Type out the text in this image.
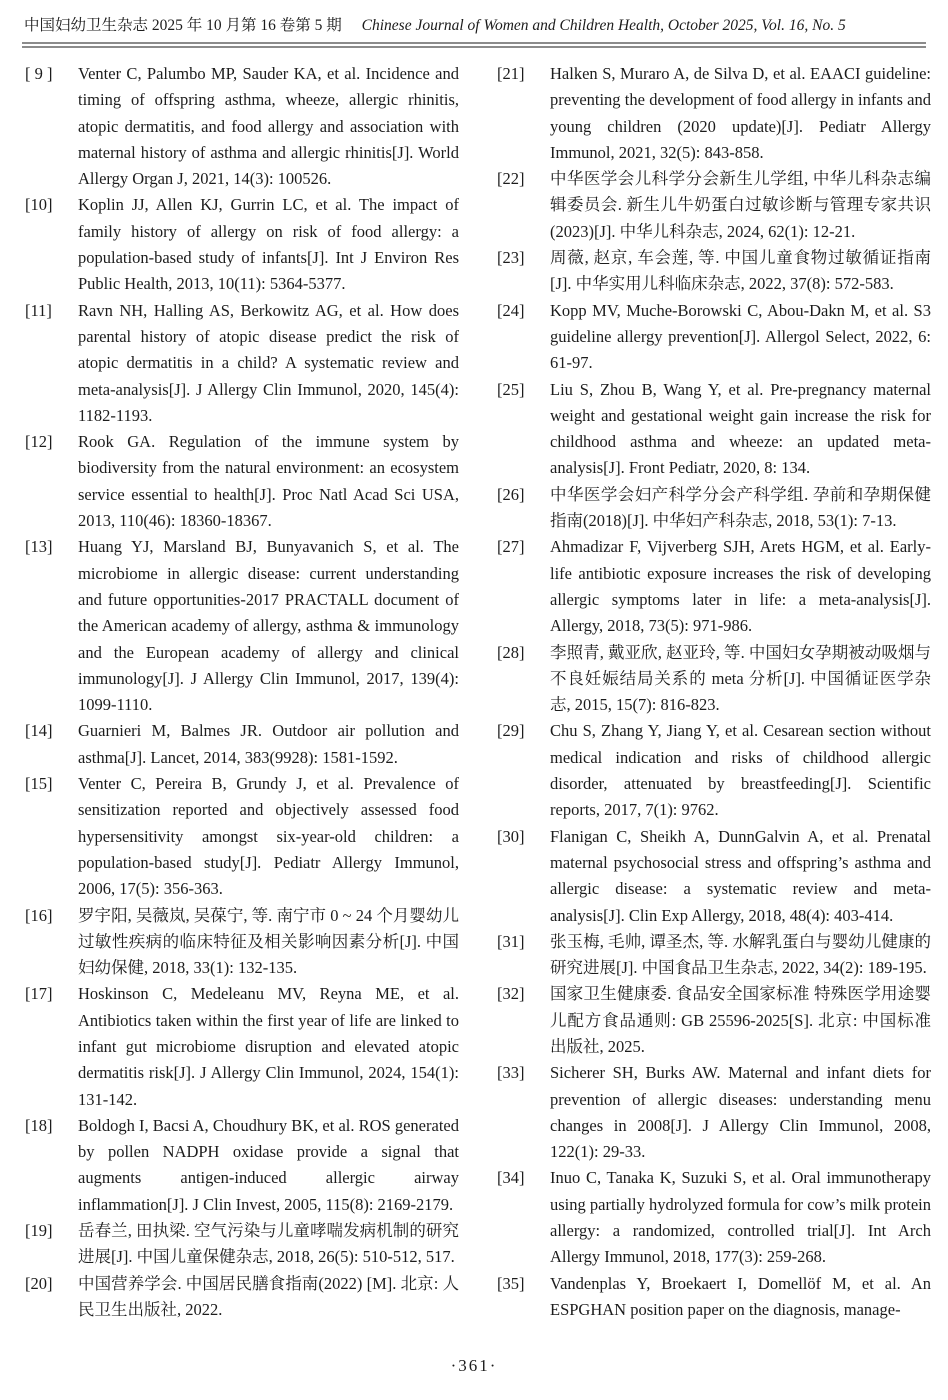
中国妇幼卫生杂志 2025 年 10 月第 16 卷第 5 期 Chinese Journal of Women and Children Health, October 2025, Vol. 16, No. 5
[ 9 ]	Venter C, Palumbo MP, Sauder KA, et al. Incidence and timing of offspring asthma, wheeze, allergic rhinitis, atopic dermatitis, and food allergy and association with maternal history of asthma and allergic rhinitis[J]. World Allergy Organ J, 2021, 14(3): 100526.
[10]	Koplin JJ, Allen KJ, Gurrin LC, et al. The impact of family history of allergy on risk of food allergy: a population-based study of infants[J]. Int J Environ Res Public Health, 2013, 10(11): 5364-5377.
[11]	Ravn NH, Halling AS, Berkowitz AG, et al. How does parental history of atopic disease predict the risk of atopic dermatitis in a child? A systematic review and meta-analysis[J]. J Allergy Clin Immunol, 2020, 145(4): 1182-1193.
[12]	Rook GA. Regulation of the immune system by biodiversity from the natural environment: an ecosystem service essential to health[J]. Proc Natl Acad Sci USA, 2013, 110(46): 18360-18367.
[13]	Huang YJ, Marsland BJ, Bunyavanich S, et al. The microbiome in allergic disease: current understanding and future opportunities-2017 PRACTALL document of the American academy of allergy, asthma & immunology and the European academy of allergy and clinical immunology[J]. J Allergy Clin Immunol, 2017, 139(4): 1099-1110.
[14]	Guarnieri M, Balmes JR. Outdoor air pollution and asthma[J]. Lancet, 2014, 383(9928): 1581-1592.
[15]	Venter C, Pereira B, Grundy J, et al. Prevalence of sensitization reported and objectively assessed food hypersensitivity amongst six-year-old children: a population-based study[J]. Pediatr Allergy Immunol, 2006, 17(5): 356-363.
[16]	罗宇阳, 吴薇岚, 吴葆宁, 等. 南宁市 0 ~ 24 个月婴幼儿过敏性疾病的临床特征及相关影响因素分析[J]. 中国妇幼保健, 2018, 33(1): 132-135.
[17]	Hoskinson C, Medeleanu MV, Reyna ME, et al. Antibiotics taken within the first year of life are linked to infant gut microbiome disruption and elevated atopic dermatitis risk[J]. J Allergy Clin Immunol, 2024, 154(1): 131-142.
[18]	Boldogh I, Bacsi A, Choudhury BK, et al. ROS generated by pollen NADPH oxidase provide a signal that augments antigen-induced allergic airway inflammation[J]. J Clin Invest, 2005, 115(8): 2169-2179.
[19]	岳春兰, 田执梁. 空气污染与儿童哮喘发病机制的研究进展[J]. 中国儿童保健杂志, 2018, 26(5): 510-512, 517.
[20]	中国营养学会. 中国居民膳食指南(2022) [M]. 北京: 人民卫生出版社, 2022.
[21]	Halken S, Muraro A, de Silva D, et al. EAACI guideline: preventing the development of food allergy in infants and young children (2020 update)[J]. Pediatr Allergy Immunol, 2021, 32(5): 843-858.
[22]	中华医学会儿科学分会新生儿学组, 中华儿科杂志编辑委员会. 新生儿牛奶蛋白过敏诊断与管理专家共识(2023)[J]. 中华儿科杂志, 2024, 62(1): 12-21.
[23]	周薇, 赵京, 车会莲, 等. 中国儿童食物过敏循证指南[J]. 中华实用儿科临床杂志, 2022, 37(8): 572-583.
[24]	Kopp MV, Muche-Borowski C, Abou-Dakn M, et al. S3 guideline allergy prevention[J]. Allergol Select, 2022, 6: 61-97.
[25]	Liu S, Zhou B, Wang Y, et al. Pre-pregnancy maternal weight and gestational weight gain increase the risk for childhood asthma and wheeze: an updated meta-analysis[J]. Front Pediatr, 2020, 8: 134.
[26]	中华医学会妇产科学分会产科学组. 孕前和孕期保健指南(2018)[J]. 中华妇产科杂志, 2018, 53(1): 7-13.
[27]	Ahmadizar F, Vijverberg SJH, Arets HGM, et al. Early-life antibiotic exposure increases the risk of developing allergic symptoms later in life: a meta-analysis[J]. Allergy, 2018, 73(5): 971-986.
[28]	李照青, 戴亚欣, 赵亚玲, 等. 中国妇女孕期被动吸烟与不良妊娠结局关系的 meta 分析[J]. 中国循证医学杂志, 2015, 15(7): 816-823.
[29]	Chu S, Zhang Y, Jiang Y, et al. Cesarean section without medical indication and risks of childhood allergic disorder, attenuated by breastfeeding[J]. Scientific reports, 2017, 7(1): 9762.
[30]	Flanigan C, Sheikh A, DunnGalvin A, et al. Prenatal maternal psychosocial stress and offspring’s asthma and allergic disease: a systematic review and meta-analysis[J]. Clin Exp Allergy, 2018, 48(4): 403-414.
[31]	张玉梅, 毛帅, 谭圣杰, 等. 水解乳蛋白与婴幼儿健康的研究进展[J]. 中国食品卫生杂志, 2022, 34(2): 189-195.
[32]	国家卫生健康委. 食品安全国家标准 特殊医学用途婴儿配方食品通则: GB 25596-2025[S]. 北京: 中国标准出版社, 2025.
[33]	Sicherer SH, Burks AW. Maternal and infant diets for prevention of allergic diseases: understanding menu changes in 2008[J]. J Allergy Clin Immunol, 2008, 122(1): 29-33.
[34]	Inuo C, Tanaka K, Suzuki S, et al. Oral immunotherapy using partially hydrolyzed formula for cow’s milk protein allergy: a randomized, controlled trial[J]. Int Arch Allergy Immunol, 2018, 177(3): 259-268.
[35]	Vandenplas Y, Broekaert I, Domellöf M, et al. An ESPGHAN position paper on the diagnosis, manage-
·361·
